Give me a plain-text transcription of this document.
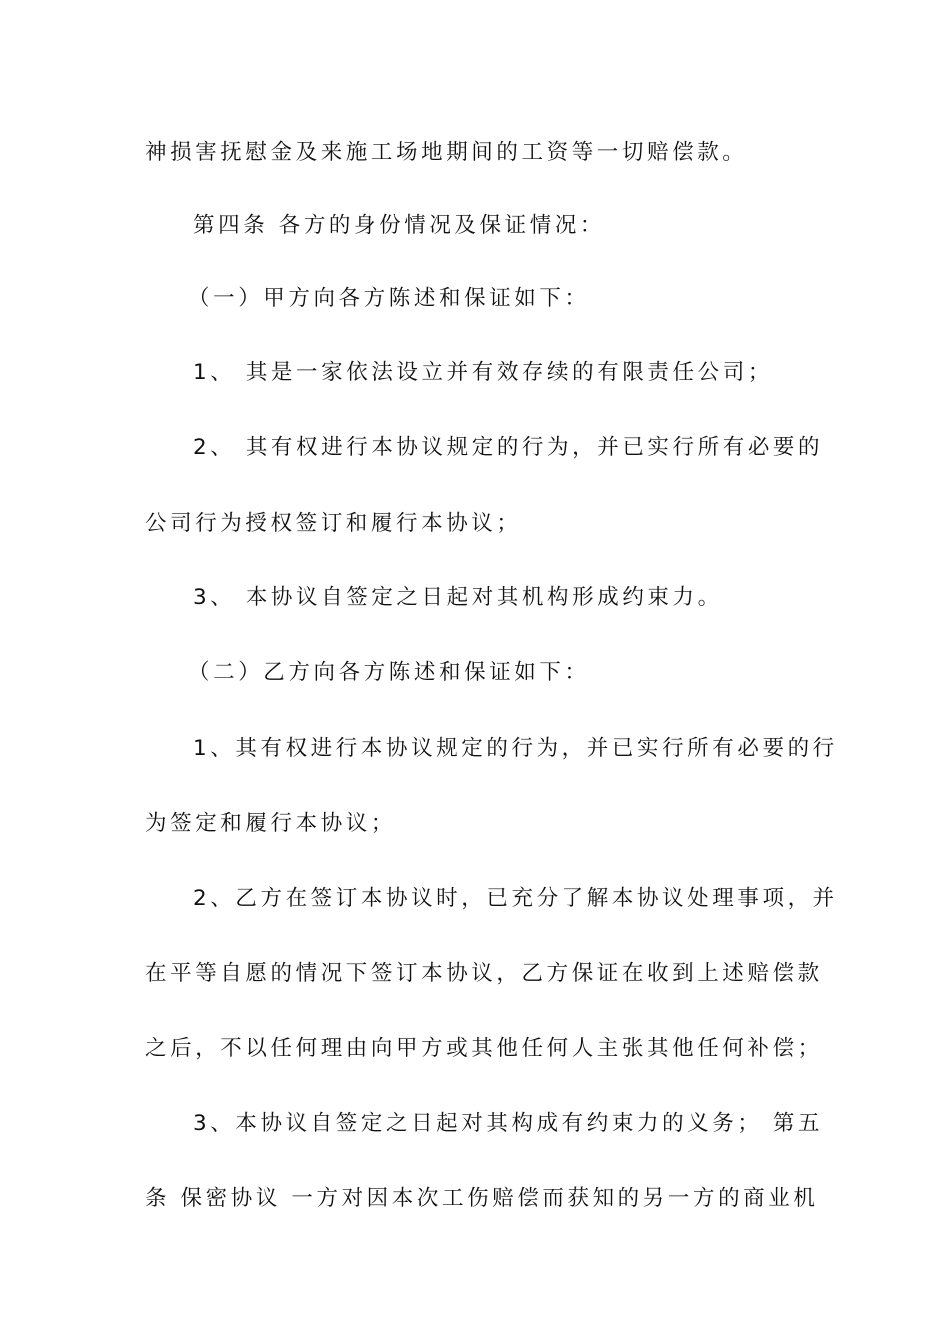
神损害抚慰金及来施工场地期间的工资等一切赔偿款。
第四条 各方的身份情况及保证情况：
（一）甲方向各方陈述和保证如下：
1、 其是一家依法设立并有效存续的有限责任公司；
2、 其有权进行本协议规定的行为，并已实行所有必要的
公司行为授权签订和履行本协议；
3、 本协议自签定之日起对其机构形成约束力。
（二）乙方向各方陈述和保证如下：
1、其有权进行本协议规定的行为，并已实行所有必要的行
为签定和履行本协议；
2、乙方在签订本协议时，已充分了解本协议处理事项，并
在平等自愿的情况下签订本协议，乙方保证在收到上述赔偿款
之后，不以任何理由向甲方或其他任何人主张其他任何补偿；
3、本协议自签定之日起对其构成有约束力的义务； 第五
条 保密协议 一方对因本次工伤赔偿而获知的另一方的商业机
